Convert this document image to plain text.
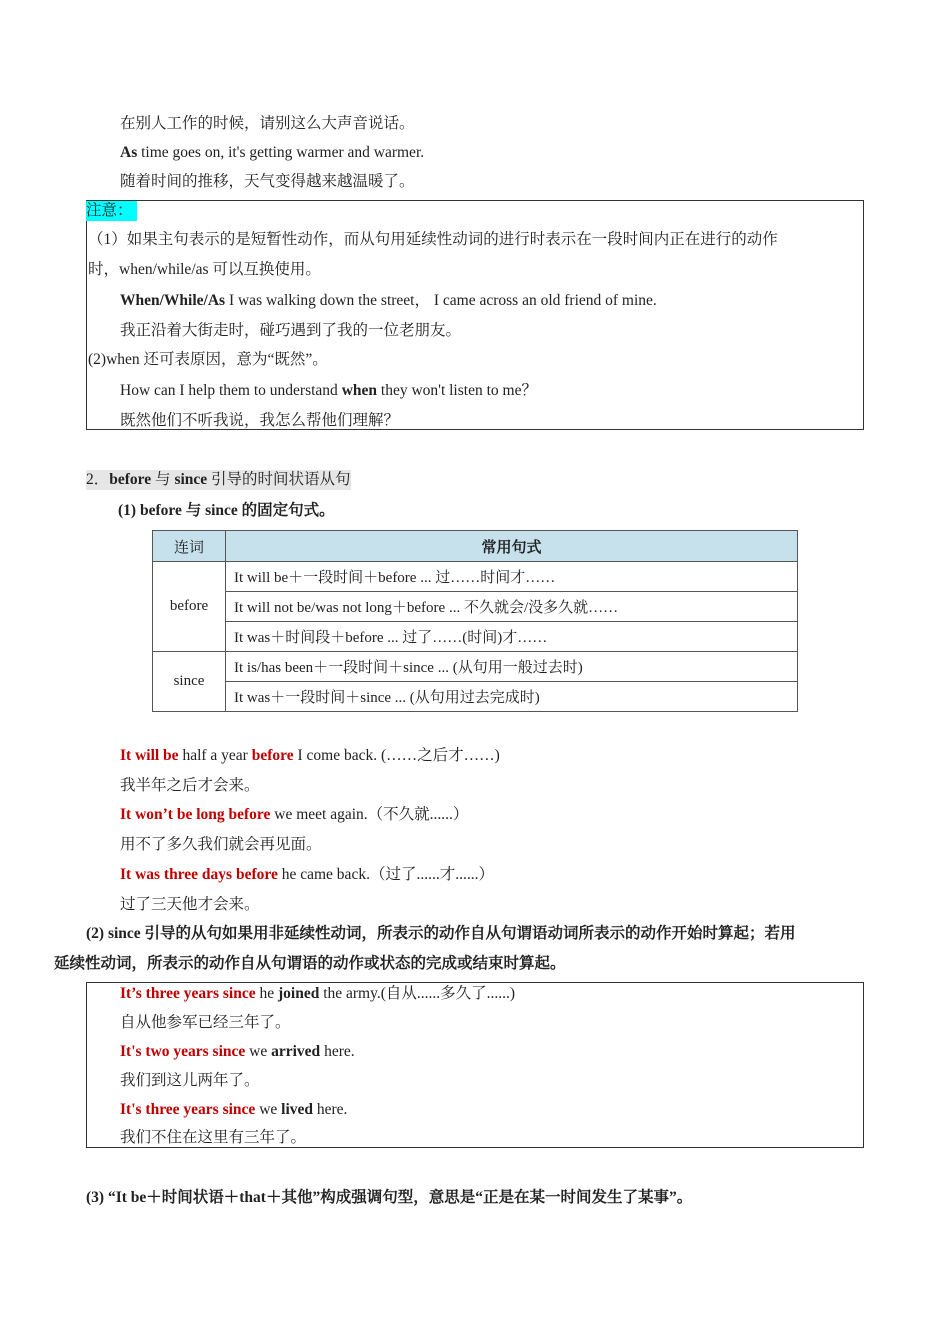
在别人工作的时候，请别这么大声音说话。
As time goes on, it's getting warmer and warmer.
随着时间的推移，天气变得越来越温暖了。
注意：
（1）如果主句表示的是短暂性动作，而从句用延续性动词的进行时表示在一段时间内正在进行的动作
时，when/while/as 可以互换使用。
When/While/As I was walking down the street， I came across an old friend of mine.
我正沿着大街走时，碰巧遇到了我的一位老朋友。
(2)when 还可表原因，意为“既然”。
How can I help them to understand when they won't listen to me？
既然他们不听我说，我怎么帮他们理解？
2．before 与 since 引导的时间状语从句
(1) before 与 since 的固定句式。
连词	常用句式
before	It will be＋一段时间＋before ... 过……时间才……
	It will not be/was not long＋before ... 不久就会/没多久就……
	It was＋时间段＋before ... 过了……(时间)才……
since	It is/has been＋一段时间＋since ... (从句用一般过去时)
	It was＋一段时间＋since ... (从句用过去完成时)
It will be half a year before I come back. (……之后才……)
我半年之后才会来。
It won’t be long before we meet again.（不久就......）
用不了多久我们就会再见面。
It was three days before he came back.（过了......才......）
过了三天他才会来。
(2) since 引导的从句如果用非延续性动词，所表示的动作自从句谓语动词所表示的动作开始时算起；若用
延续性动词，所表示的动作自从句谓语的动作或状态的完成或结束时算起。
It’s three years since he joined the army.(自从......多久了......)
自从他参军已经三年了。
It's two years since we arrived here.
我们到这儿两年了。
It's three years since we lived here.
我们不住在这里有三年了。
(3) “It be＋时间状语＋that＋其他”构成强调句型，意思是“正是在某一时间发生了某事”。
